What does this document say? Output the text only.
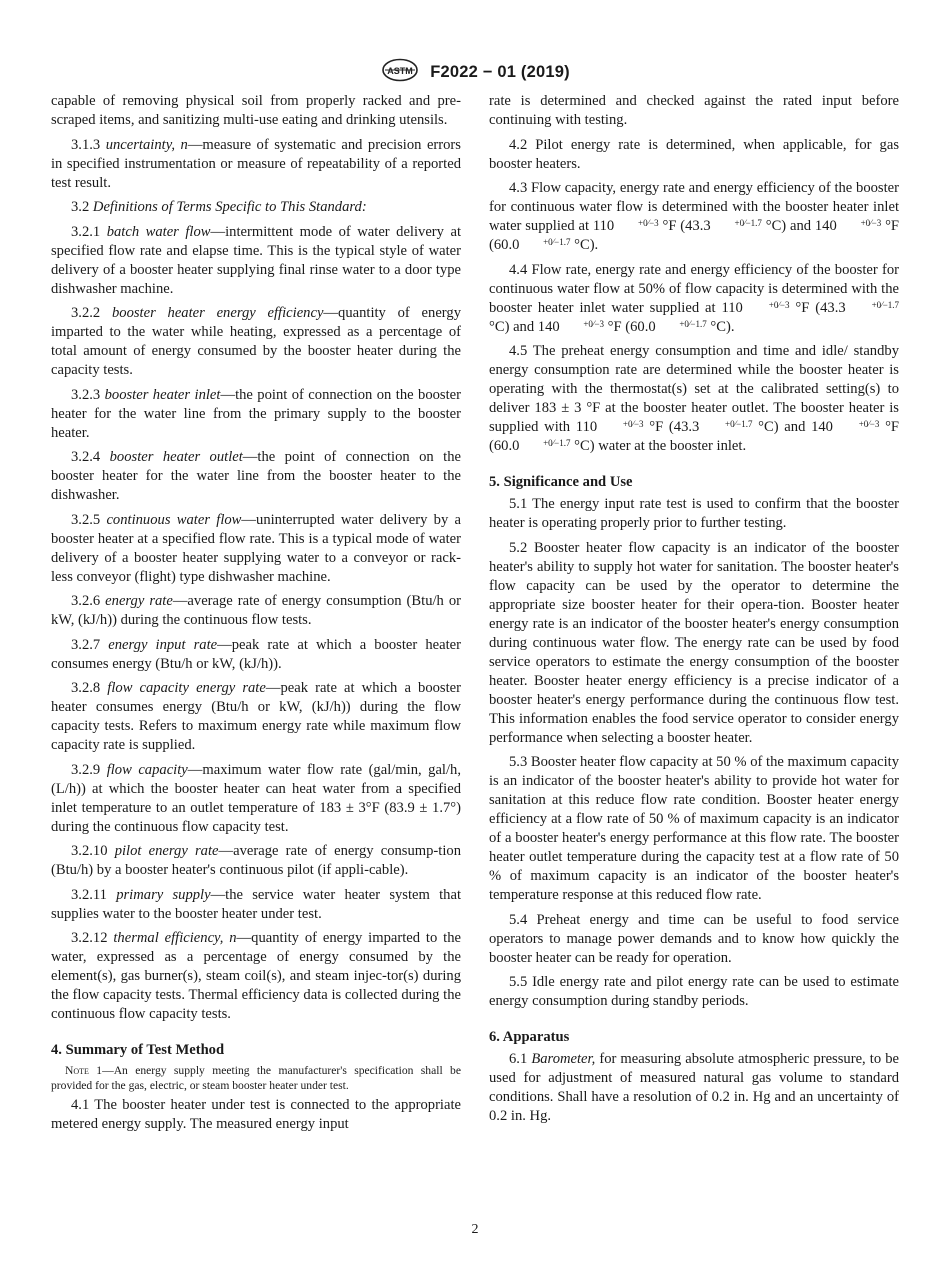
ASTM F2022 − 01 (2019)

capable of removing physical soil from properly racked and pre-scraped items, and sanitizing multi-use eating and drinking utensils.

3.1.3 uncertainty, n—measure of systematic and precision errors in specified instrumentation or measure of repeatability of a reported test result.

3.2 Definitions of Terms Specific to This Standard:

3.2.1 batch water flow—intermittent mode of water delivery at specified flow rate and elapse time. This is the typical style of water delivery of a booster heater supplying final rinse water to a door type dishwasher machine.

3.2.2 booster heater energy efficiency—quantity of energy imparted to the water while heating, expressed as a percentage of total amount of energy consumed by the booster heater during the capacity tests.

3.2.3 booster heater inlet—the point of connection on the booster heater for the water line from the primary supply to the booster heater.

3.2.4 booster heater outlet—the point of connection on the booster heater for the water line from the booster heater to the dishwasher.

3.2.5 continuous water flow—uninterrupted water delivery by a booster heater at a specified flow rate. This is a typical mode of water delivery of a booster heater supplying water to a conveyor or rack-less conveyor (flight) type dishwasher machine.

3.2.6 energy rate—average rate of energy consumption (Btu/h or kW, (kJ/h)) during the continuous flow tests.

3.2.7 energy input rate—peak rate at which a booster heater consumes energy (Btu/h or kW, (kJ/h)).

3.2.8 flow capacity energy rate—peak rate at which a booster heater consumes energy (Btu/h or kW, (kJ/h)) during the flow capacity tests. Refers to maximum energy rate while maximum flow capacity rate is supplied.

3.2.9 flow capacity—maximum water flow rate (gal/min, gal/h, (L/h)) at which the booster heater can heat water from a specified inlet temperature to an outlet temperature of 183 ± 3°F (83.9 ± 1.7°) during the continuous flow capacity test.

3.2.10 pilot energy rate—average rate of energy consump-tion (Btu/h) by a booster heater's continuous pilot (if appli-cable).

3.2.11 primary supply—the service water heater system that supplies water to the booster heater under test.

3.2.12 thermal efficiency, n—quantity of energy imparted to the water, expressed as a percentage of energy consumed by the element(s), gas burner(s), steam coil(s), and steam injec-tor(s) during the flow capacity tests. Thermal efficiency data is collected during the continuous flow capacity tests.

4. Summary of Test Method

Note 1—An energy supply meeting the manufacturer's specification shall be provided for the gas, electric, or steam booster heater under test.

4.1 The booster heater under test is connected to the appropriate metered energy supply. The measured energy input

rate is determined and checked against the rated input before continuing with testing.

4.2 Pilot energy rate is determined, when applicable, for gas booster heaters.

4.3 Flow capacity, energy rate and energy efficiency of the booster for continuous water flow is determined with the booster heater inlet water supplied at 110	+0⁄−3 °F (43.3	+0⁄−1.7 °C) and 140	+0⁄−3 °F (60.0	+0⁄−1.7 °C).

4.4 Flow rate, energy rate and energy efficiency of the booster for continuous water flow at 50% of flow capacity is determined with the booster heater inlet water supplied at 110	+0⁄−3 °F (43.3	+0⁄−1.7 °C) and 140	+0⁄−3 °F (60.0	+0⁄−1.7 °C).

4.5 The preheat energy consumption and time and idle/ standby energy consumption rate are determined while the booster heater is operating with the thermostat(s) set at the calibrated setting(s) to deliver 183 ± 3 °F at the booster heater outlet. The booster heater is supplied with 110	+0⁄−3 °F (43.3	+0⁄−1.7 °C) and 140	+0⁄−3 °F (60.0	+0⁄−1.7 °C) water at the booster inlet.

5. Significance and Use

5.1 The energy input rate test is used to confirm that the booster heater is operating properly prior to further testing.

5.2 Booster heater flow capacity is an indicator of the booster heater's ability to supply hot water for sanitation. The booster heater's flow capacity can be used by the operator to determine the appropriate size booster heater for their opera-tion. Booster heater energy rate is an indicator of the booster heater's energy consumption during continuous water flow. The energy rate can be used by food service operators to estimate the energy consumption of the booster heater. Booster heater energy efficiency is a precise indicator of a booster heater's energy performance during the continuous flow test. This information enables the food service operator to consider energy performance when selecting a booster heater.

5.3 Booster heater flow capacity at 50 % of the maximum capacity is an indicator of the booster heater's ability to provide hot water for sanitation at this reduce flow rate condition. Booster heater energy efficiency at a flow rate of 50 % of maximum capacity is an indicator of a booster heater's energy performance at this flow rate. The booster heater outlet temperature during the capacity test at a flow rate of 50 % of maximum capacity is an indicator of the booster heater's temperature response at this reduced flow rate.

5.4 Preheat energy and time can be useful to food service operators to manage power demands and to know how quickly the booster heater can be ready for operation.

5.5 Idle energy rate and pilot energy rate can be used to estimate energy consumption during standby periods.

6. Apparatus

6.1 Barometer, for measuring absolute atmospheric pressure, to be used for adjustment of measured natural gas volume to standard conditions. Shall have a resolution of 0.2 in. Hg and an uncertainty of 0.2 in. Hg.

2
